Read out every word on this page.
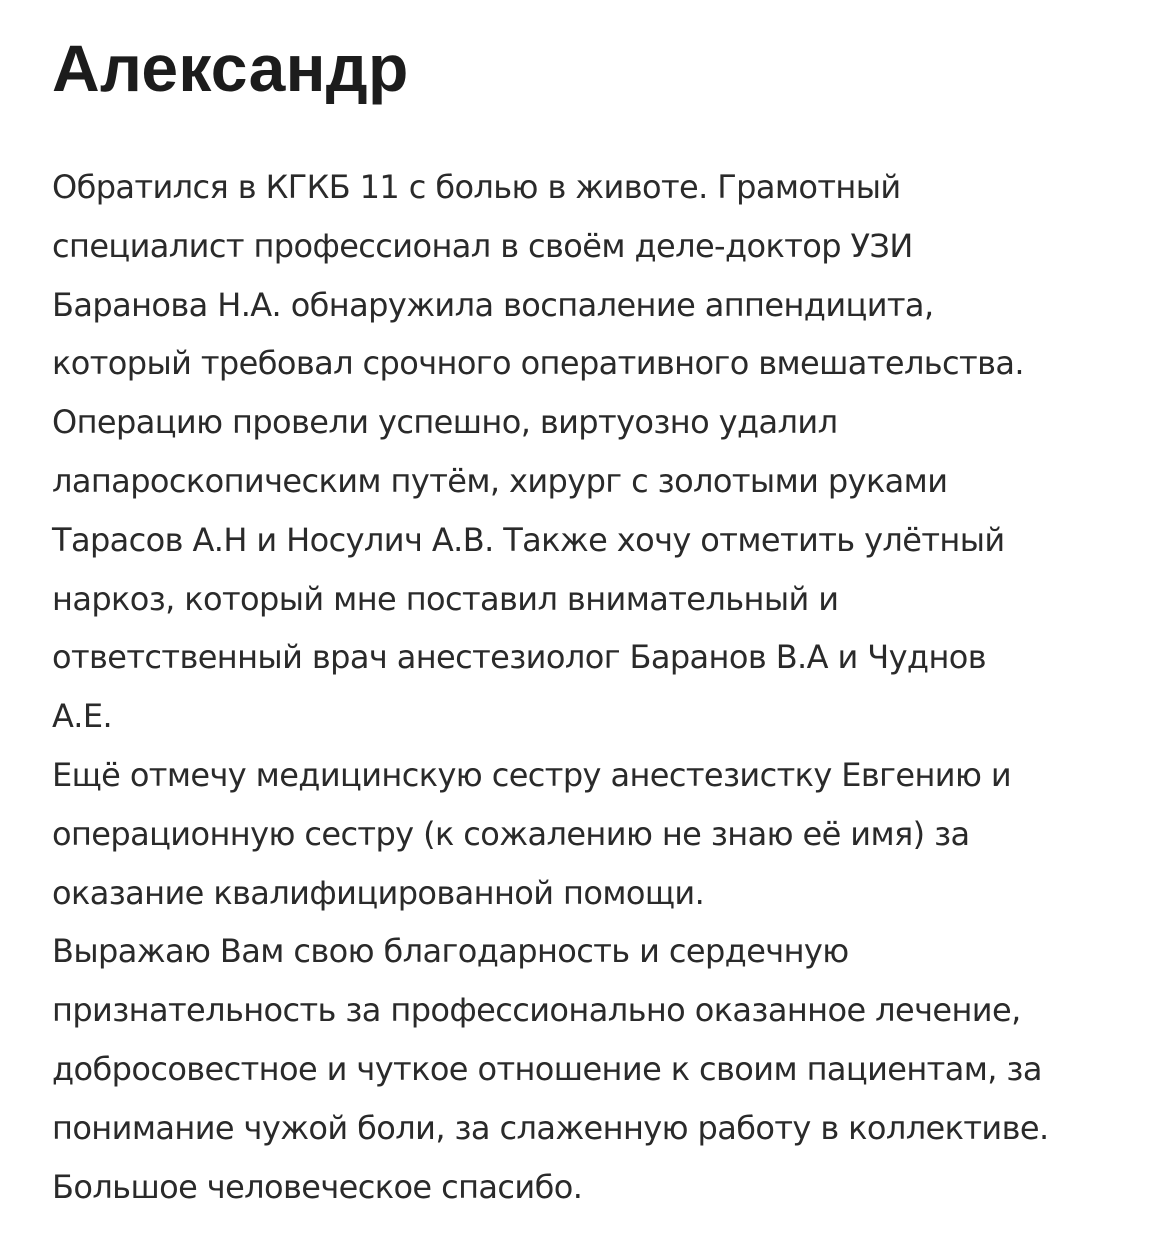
Александр
Обратился в КГКБ 11 с болью в животе. Грамотный
специалист профессионал в своём деле-доктор УЗИ
Баранова Н.А. обнаружила воспаление аппендицита,
который требовал срочного оперативного вмешательства.
Операцию провели успешно, виртуозно удалил
лапароскопическим путём, хирург с золотыми руками
Тарасов А.Н и Носулич А.В. Также хочу отметить улётный
наркоз, который мне поставил внимательный и
ответственный врач анестезиолог Баранов В.А и Чуднов
А.Е.
Ещё отмечу медицинскую сестру анестезистку Евгению и
операционную сестру (к сожалению не знаю её имя) за
оказание квалифицированной помощи.
Выражаю Вам свою благодарность и сердечную
признательность за профессионально оказанное лечение,
добросовестное и чуткое отношение к своим пациентам, за
понимание чужой боли, за слаженную работу в коллективе.
Большое человеческое спасибо.
